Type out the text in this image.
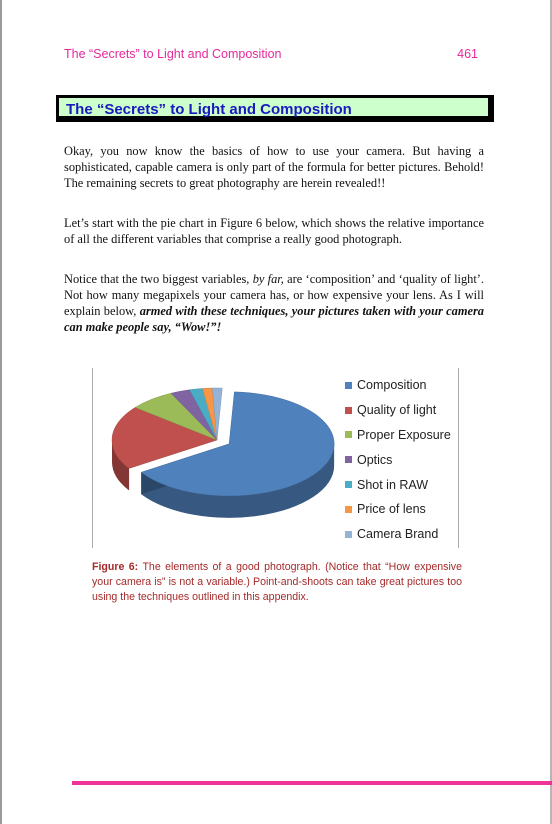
The “Secrets” to Light and Composition	461
The “Secrets” to Light and Composition

Okay, you now know the basics of how to use your camera. But having a sophisticated, capable camera is only part of the formula for better pictures. Behold! The remaining secrets to great photography are herein revealed!!

Let’s start with the pie chart in Figure 6 below, which shows the relative importance of all the different variables that comprise a really good photograph.

Notice that the two biggest variables, by far, are ‘composition’ and ‘quality of light’. Not how many megapixels your camera has, or how expensive your lens. As I will explain below, armed with these techniques, your pictures taken with your camera can make people say, “Wow!”!

Composition
Quality of light
Proper Exposure
Optics
Shot in RAW
Price of lens
Camera Brand

Figure 6: The elements of a good photograph. (Notice that “How expensive your camera is” is not a variable.) Point-and-shoots can take great pictures too using the techniques outlined in this appendix.
